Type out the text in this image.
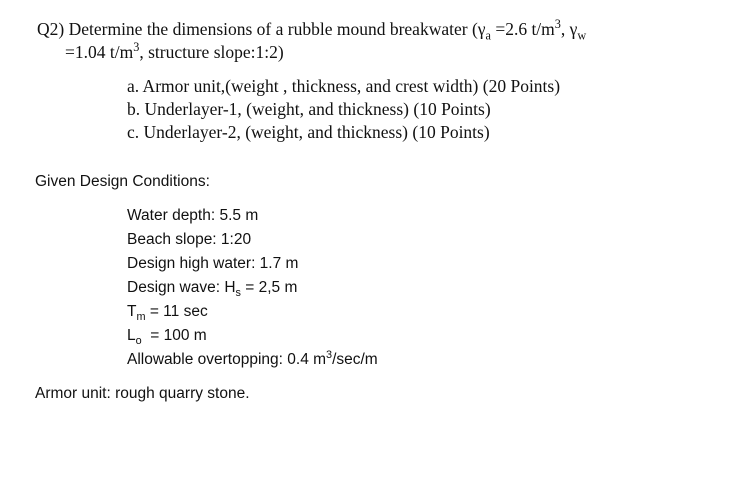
Q2) Determine the dimensions of a rubble mound breakwater ($\gamma_a =2.6$ $t/m^3$, $\gamma_w$
=1.04 $t/m^3$, structure slope:1:2)
a. Armor unit,(weight , thickness, and crest width) (20 Points)
b. Underlayer-1, (weight, and thickness) (10 Points)
c. Underlayer-2, (weight, and thickness) (10 Points)
Given Design Conditions:
Water depth: 5.5 m
Beach slope: 1:20
Design high water: 1.7 m
Design wave: $H_s = 2,5$ m
$T_m = 11$ sec
$L_o = 100$ m
Allowable overtopping: 0.4 $m^3/\sec/m$
Armor unit: rough quarry stone.
